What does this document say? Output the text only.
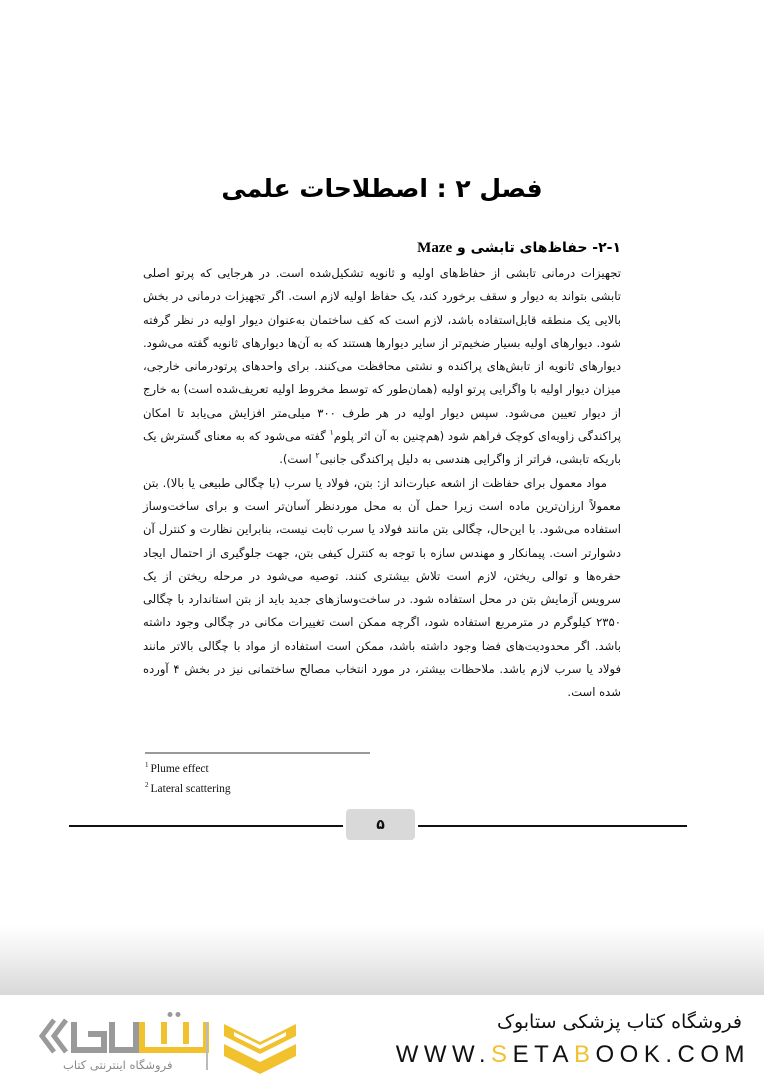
فصل ۲ : اصطلاحات علمی
۲-۱- حفاظ‌های تابشی و Maze

تجهیزات درمانی تابشی از حفاظ‌های اولیه و ثانویه تشکیل‌شده است. در هرجایی که پرتو اصلی تابشی بتواند به دیوار و سقف برخورد کند، یک حفاظ اولیه لازم است. اگر تجهیزات درمانی در بخش بالایی یک منطقه قابل‌استفاده باشد، لازم است که کف ساختمان به‌عنوان دیوار اولیه در نظر گرفته شود. دیوارهای اولیه بسیار ضخیم‌تر از سایر دیوارها هستند که به آن‌ها دیوارهای ثانویه گفته می‌شود. دیوارهای ثانویه از تابش‌های پراکنده و نشتی محافظت می‌کنند. برای واحدهای پرتودرمانی خارجی، میزان دیوار اولیه با واگرایی پرتو اولیه (همان‌طور که توسط مخروط اولیه تعریف‌شده است) به خارج از دیوار تعیین می‌شود. سپس دیوار اولیه در هر طرف ۳۰۰ میلی‌متر افزایش می‌یابد تا امکان پراکندگی زاویه‌ای کوچک فراهم شود (هم‌چنین به آن اثر پلوم$^۱$ گفته می‌شود که به معنای گسترش یک باریکه تابشی، فراتر از واگرایی هندسی به دلیل پراکندگی جانبی$^۲$ است).

مواد معمول برای حفاظت از اشعه عبارت‌اند از: بتن، فولاد یا سرب (با چگالی طبیعی یا بالا). بتن معمولاً ارزان‌ترین ماده است زیرا حمل آن به محل موردنظر آسان‌تر است و برای ساخت‌وساز استفاده می‌شود. با این‌حال، چگالی بتن مانند فولاد یا سرب ثابت نیست، بنابراین نظارت و کنترل آن دشوارتر است. پیمانکار و مهندس سازه با توجه به کنترل کیفی بتن، جهت جلوگیری از احتمال ایجاد حفره‌ها و توالی ریختن، لازم است تلاش بیشتری کنند. توصیه می‌شود در مرحله ریختن از یک سرویس آزمایش بتن در محل استفاده شود. در ساخت‌وسازهای جدید باید از بتن استاندارد با چگالی ۲۳۵۰ کیلوگرم در مترمربع استفاده شود، اگرچه ممکن است تغییرات مکانی در چگالی وجود داشته باشد. اگر محدودیت‌های فضا وجود داشته باشد، ممکن است استفاده از مواد با چگالی بالاتر مانند فولاد یا سرب لازم باشد. ملاحظات بیشتر، در مورد انتخاب مصالح ساختمانی نیز در بخش ۴ آورده شده است.

$^1$ Plume effect
$^2$ Lateral scattering
۵
فروشگاه اینترنتی کتاب
فروشگاه کتاب پزشکی ستابوک
WWW.SETABOOK.COM
